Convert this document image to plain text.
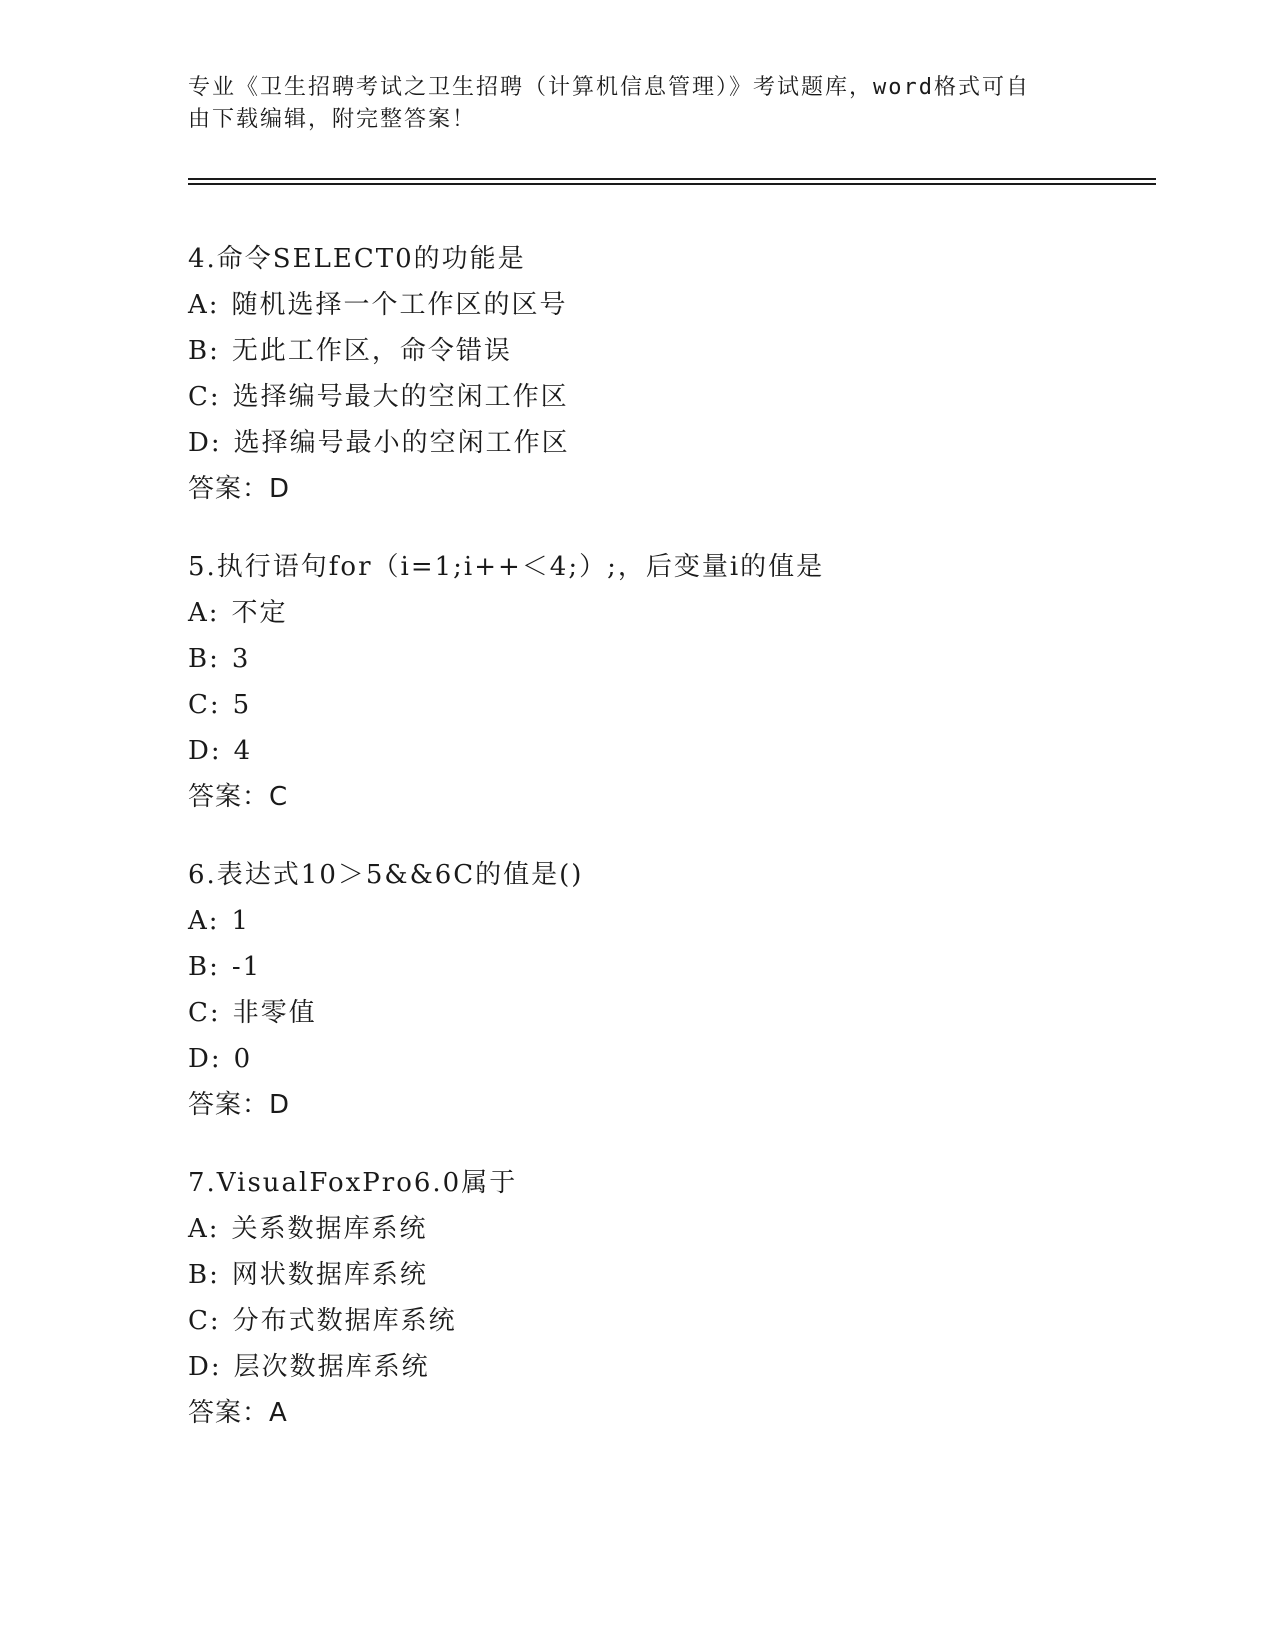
专业《卫生招聘考试之卫生招聘（计算机信息管理）》考试题库，word格式可自
由下载编辑，附完整答案！
4.命令SELECT0的功能是
A: 随机选择一个工作区的区号
B: 无此工作区，命令错误
C: 选择编号最大的空闲工作区
D: 选择编号最小的空闲工作区
答案：D
5.执行语句for（i=1;i++＜4;）;，后变量i的值是
A: 不定
B: 3
C: 5
D: 4
答案：C
6.表达式10＞5&&6C的值是()
A: 1
B: -1
C: 非零值
D: 0
答案：D
7.VisualFoxPro6.0属于
A: 关系数据库系统
B: 网状数据库系统
C: 分布式数据库系统
D: 层次数据库系统
答案：A
